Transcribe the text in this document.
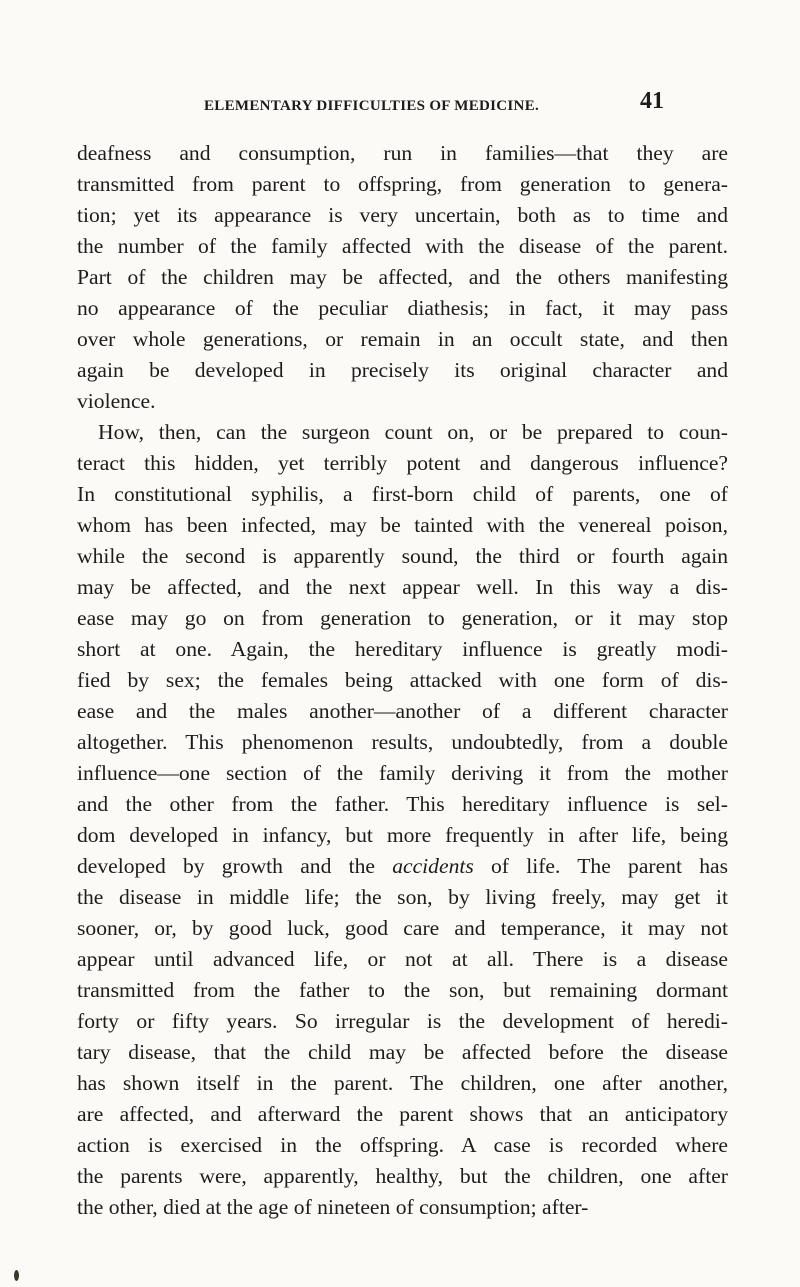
ELEMENTARY DIFFICULTIES OF MEDICINE.	41
deafness and consumption, run in families—that they are
transmitted from parent to offspring, from generation to genera-
tion; yet its appearance is very uncertain, both as to time and
the number of the family affected with the disease of the parent.
Part of the children may be affected, and the others manifesting
no appearance of the peculiar diathesis; in fact, it may pass
over whole generations, or remain in an occult state, and then
again be developed in precisely its original character and
violence.
How, then, can the surgeon count on, or be prepared to coun-
teract this hidden, yet terribly potent and dangerous influence?
In constitutional syphilis, a first-born child of parents, one of
whom has been infected, may be tainted with the venereal poison,
while the second is apparently sound, the third or fourth again
may be affected, and the next appear well. In this way a dis-
ease may go on from generation to generation, or it may stop
short at one. Again, the hereditary influence is greatly modi-
fied by sex; the females being attacked with one form of dis-
ease and the males another—another of a different character
altogether. This phenomenon results, undoubtedly, from a double
influence—one section of the family deriving it from the mother
and the other from the father. This hereditary influence is sel-
dom developed in infancy, but more frequently in after life, being
developed by growth and the accidents of life. The parent has
the disease in middle life; the son, by living freely, may get it
sooner, or, by good luck, good care and temperance, it may not
appear until advanced life, or not at all. There is a disease
transmitted from the father to the son, but remaining dormant
forty or fifty years. So irregular is the development of heredi-
tary disease, that the child may be affected before the disease
has shown itself in the parent. The children, one after another,
are affected, and afterward the parent shows that an anticipatory
action is exercised in the offspring. A case is recorded where
the parents were, apparently, healthy, but the children, one after
the other, died at the age of nineteen of consumption; after-
